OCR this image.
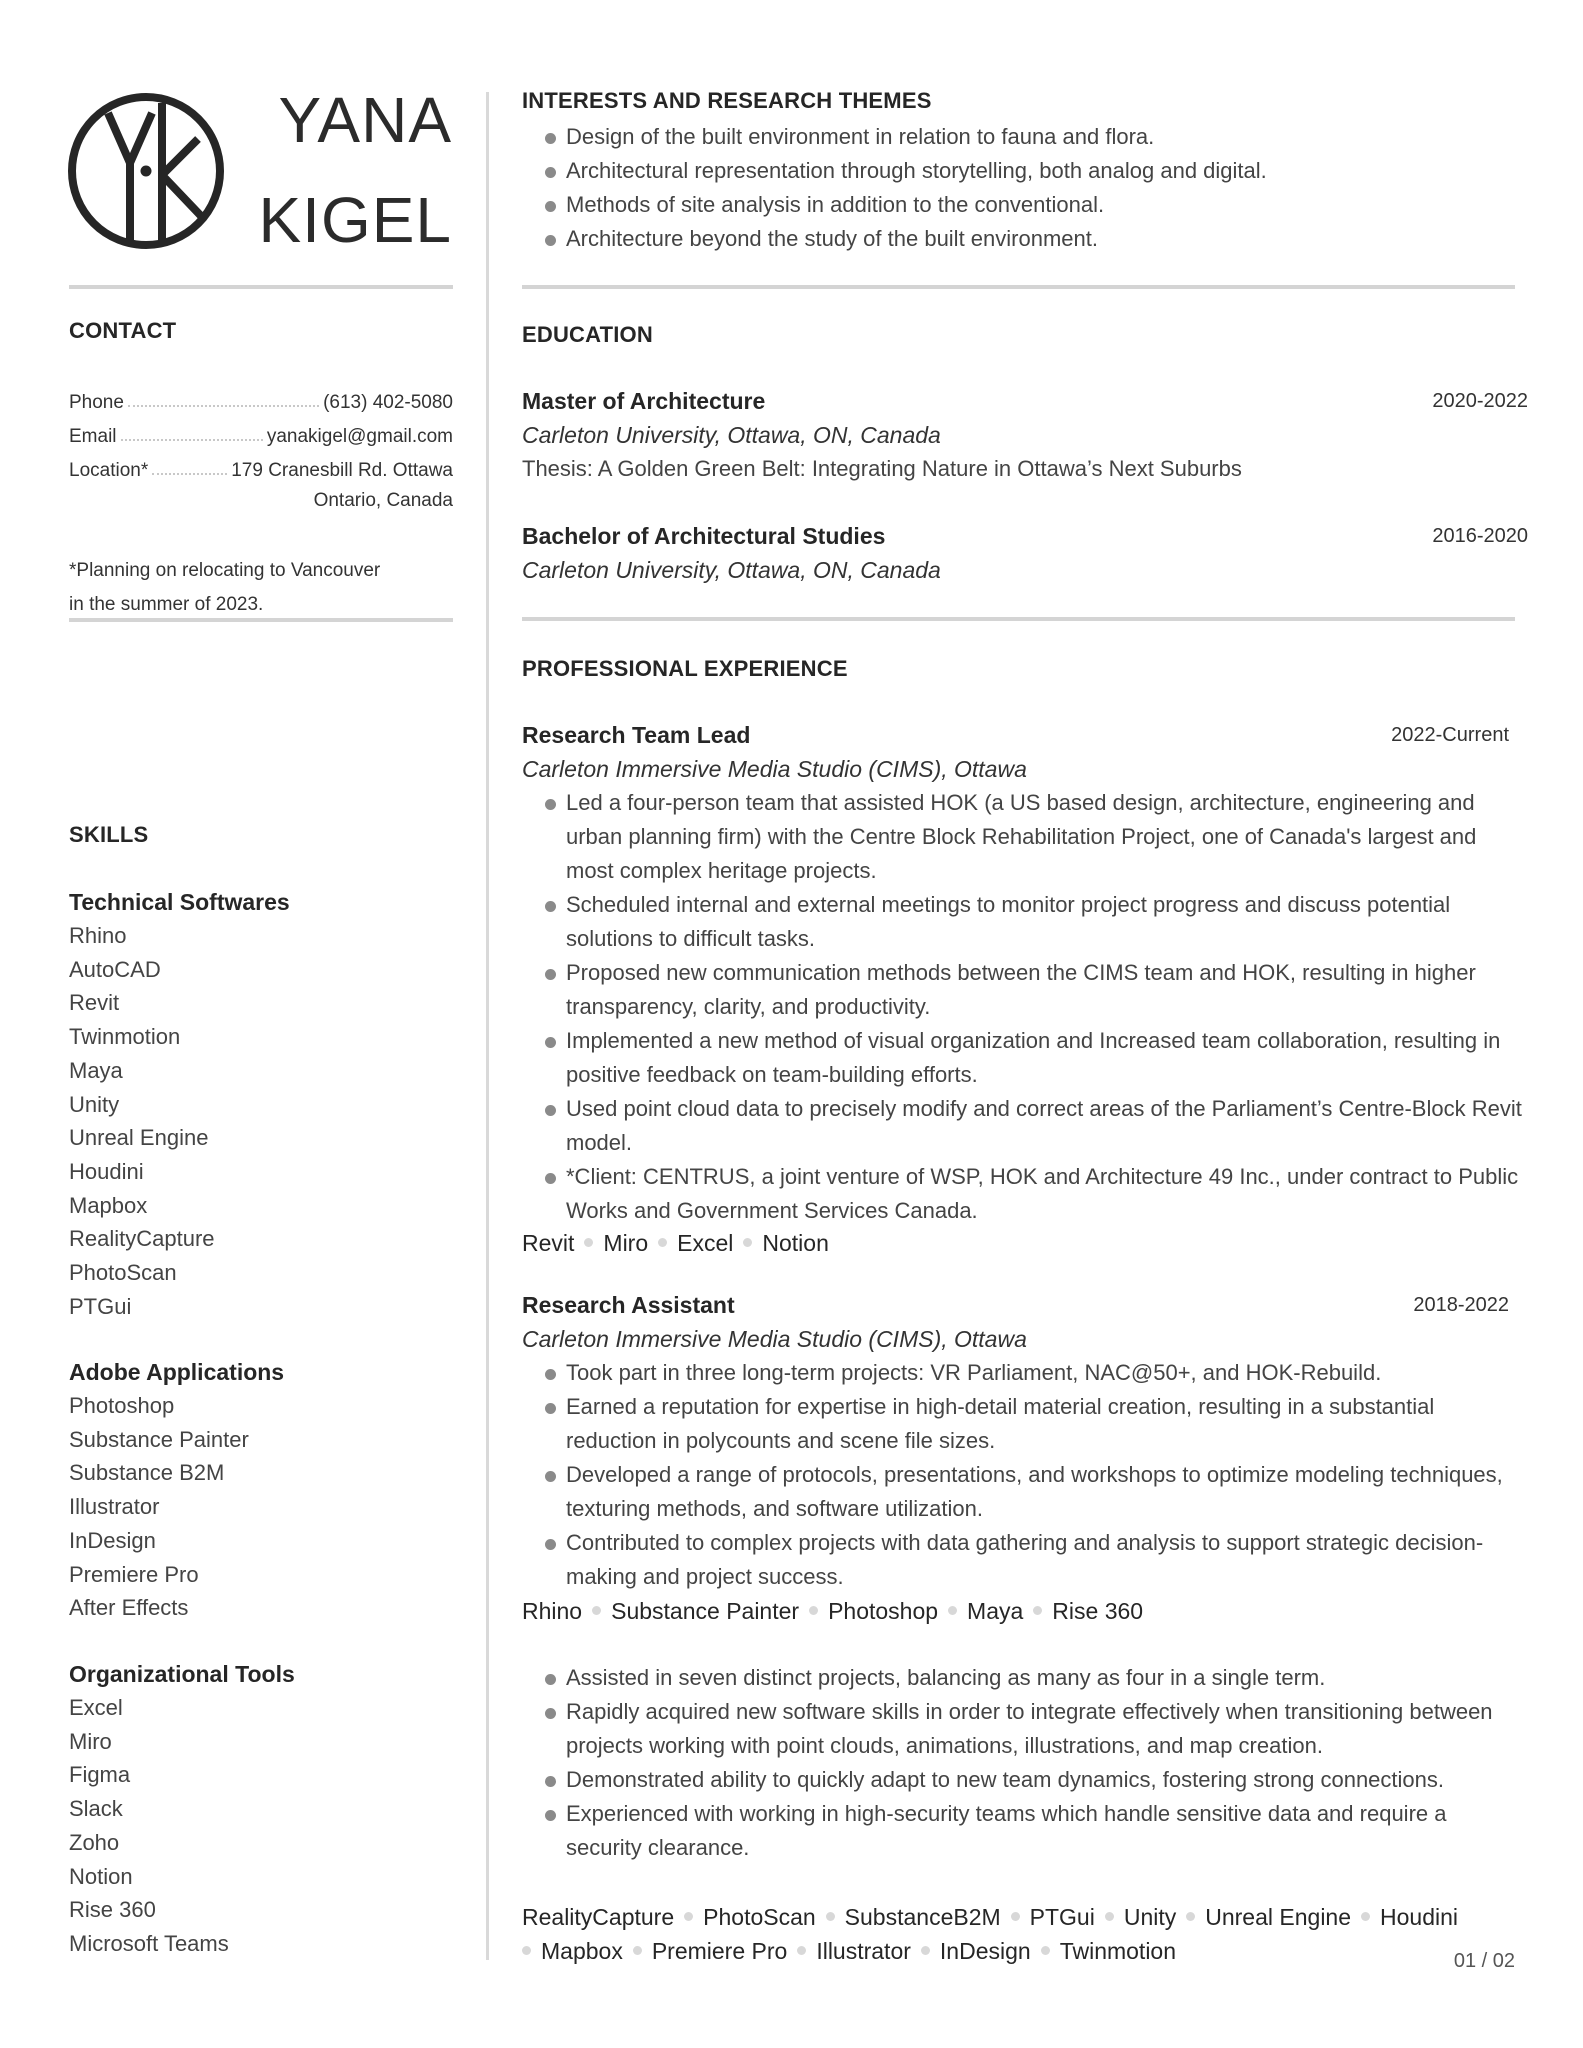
YANA
KIGEL
CONTACT
Phone	(613) 402-5080
Email	yanakigel@gmail.com
Location*	179 Cranesbill Rd. Ottawa
Ontario, Canada
*Planning on relocating to Vancouver
in the summer of 2023.
SKILLS
Technical Softwares
Rhino
AutoCAD
Revit
Twinmotion
Maya
Unity
Unreal Engine
Houdini
Mapbox
RealityCapture
PhotoScan
PTGui
Adobe Applications
Photoshop
Substance Painter
Substance B2M
Illustrator
InDesign
Premiere Pro
After Effects
Organizational Tools
Excel
Miro
Figma
Slack
Zoho
Notion
Rise 360
Microsoft Teams
INTERESTS AND RESEARCH THEMES
Design of the built environment in relation to fauna and flora.
Architectural representation through storytelling, both analog and digital.
Methods of site analysis in addition to the conventional.
Architecture beyond the study of the built environment.
EDUCATION
Master of Architecture	2020-2022
Carleton University, Ottawa, ON, Canada
Thesis: A Golden Green Belt: Integrating Nature in Ottawa’s Next Suburbs
Bachelor of Architectural Studies	2016-2020
Carleton University, Ottawa, ON, Canada
PROFESSIONAL EXPERIENCE
Research Team Lead	2022-Current
Carleton Immersive Media Studio (CIMS), Ottawa
Led a four-person team that assisted HOK (a US based design, architecture, engineering and urban planning firm) with the Centre Block Rehabilitation Project, one of Canada's largest and most complex heritage projects.
Scheduled internal and external meetings to monitor project progress and discuss potential solutions to difficult tasks.
Proposed new communication methods between the CIMS team and HOK, resulting in higher transparency, clarity, and productivity.
Implemented a new method of visual organization and Increased team collaboration, resulting in positive feedback on team-building efforts.
Used point cloud data to precisely modify and correct areas of the Parliament’s Centre-Block Revit model.
*Client: CENTRUS, a joint venture of WSP, HOK and Architecture 49 Inc., under contract to Public Works and Government Services Canada.
Revit Miro Excel Notion
Research Assistant	2018-2022
Carleton Immersive Media Studio (CIMS), Ottawa
Took part in three long-term projects: VR Parliament, NAC@50+, and HOK-Rebuild.
Earned a reputation for expertise in high-detail material creation, resulting in a substantial reduction in polycounts and scene file sizes.
Developed a range of protocols, presentations, and workshops to optimize modeling techniques, texturing methods, and software utilization.
Contributed to complex projects with data gathering and analysis to support strategic decision-making and project success.
Rhino Substance Painter Photoshop Maya Rise 360
Assisted in seven distinct projects, balancing as many as four in a single term.
Rapidly acquired new software skills in order to integrate effectively when transitioning between projects working with point clouds, animations, illustrations, and map creation.
Demonstrated ability to quickly adapt to new team dynamics, fostering strong connections.
Experienced with working in high-security teams which handle sensitive data and require a security clearance.
RealityCapture PhotoScan SubstanceB2M PTGui Unity Unreal Engine Houdini
Mapbox Premiere Pro Illustrator InDesign Twinmotion	01 / 02
